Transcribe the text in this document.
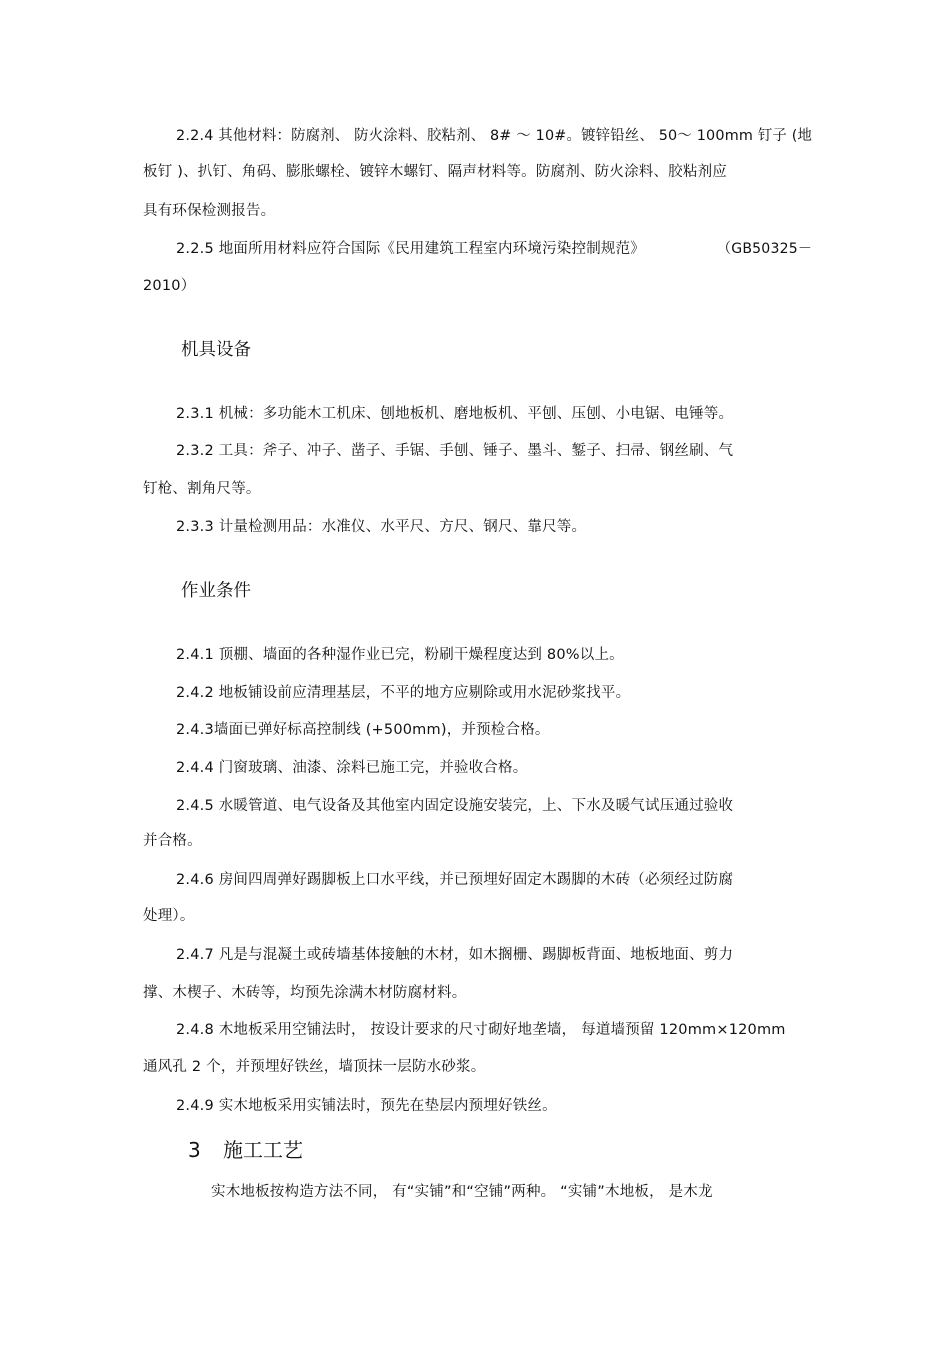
2.2.4 其他材料：防腐剂、 防火涂料、胶粘剂、 8# ～ 10#。镀锌铅丝、 50～ 100mm 钉子 (地
板钉 )、扒钉、角码、膨胀螺栓、镀锌木螺钉、隔声材料等。防腐剂、防火涂料、胶粘剂应
具有环保检测报告。
2.2.5 地面所用材料应符合国际《民用建筑工程室内环境污染控制规范》	（GB50325－
2010）
机具设备
2.3.1 机械：多功能木工机床、刨地板机、磨地板机、平刨、压刨、小电锯、电锤等。
2.3.2 工具：斧子、冲子、凿子、手锯、手刨、锤子、墨斗、錾子、扫帚、钢丝刷、气
钉枪、割角尺等。
2.3.3 计量检测用品：水准仪、水平尺、方尺、钢尺、靠尺等。
作业条件
2.4.1 顶棚、墙面的各种湿作业已完，粉刷干燥程度达到 80%以上。
2.4.2 地板铺设前应清理基层，不平的地方应剔除或用水泥砂浆找平。
2.4.3墙面已弹好标高控制线 (+500mm)，并预检合格。
2.4.4 门窗玻璃、油漆、涂料已施工完，并验收合格。
2.4.5 水暖管道、电气设备及其他室内固定设施安装完，上、下水及暖气试压通过验收
并合格。
2.4.6 房间四周弹好踢脚板上口水平线，并已预埋好固定木踢脚的木砖（必须经过防腐
处理）。
2.4.7 凡是与混凝土或砖墙基体接触的木材，如木搁栅、踢脚板背面、地板地面、剪力
撑、木楔子、木砖等，均预先涂满木材防腐材料。
2.4.8 木地板采用空铺法时， 按设计要求的尺寸砌好地垄墙， 每道墙预留 120mm×120mm
通风孔 2 个，并预埋好铁丝，墙顶抹一层防水砂浆。
2.4.9 实木地板采用实铺法时，预先在垫层内预埋好铁丝。
3 施工工艺
实木地板按构造方法不同， 有“实铺”和“空铺”两种。 “实铺”木地板， 是木龙
